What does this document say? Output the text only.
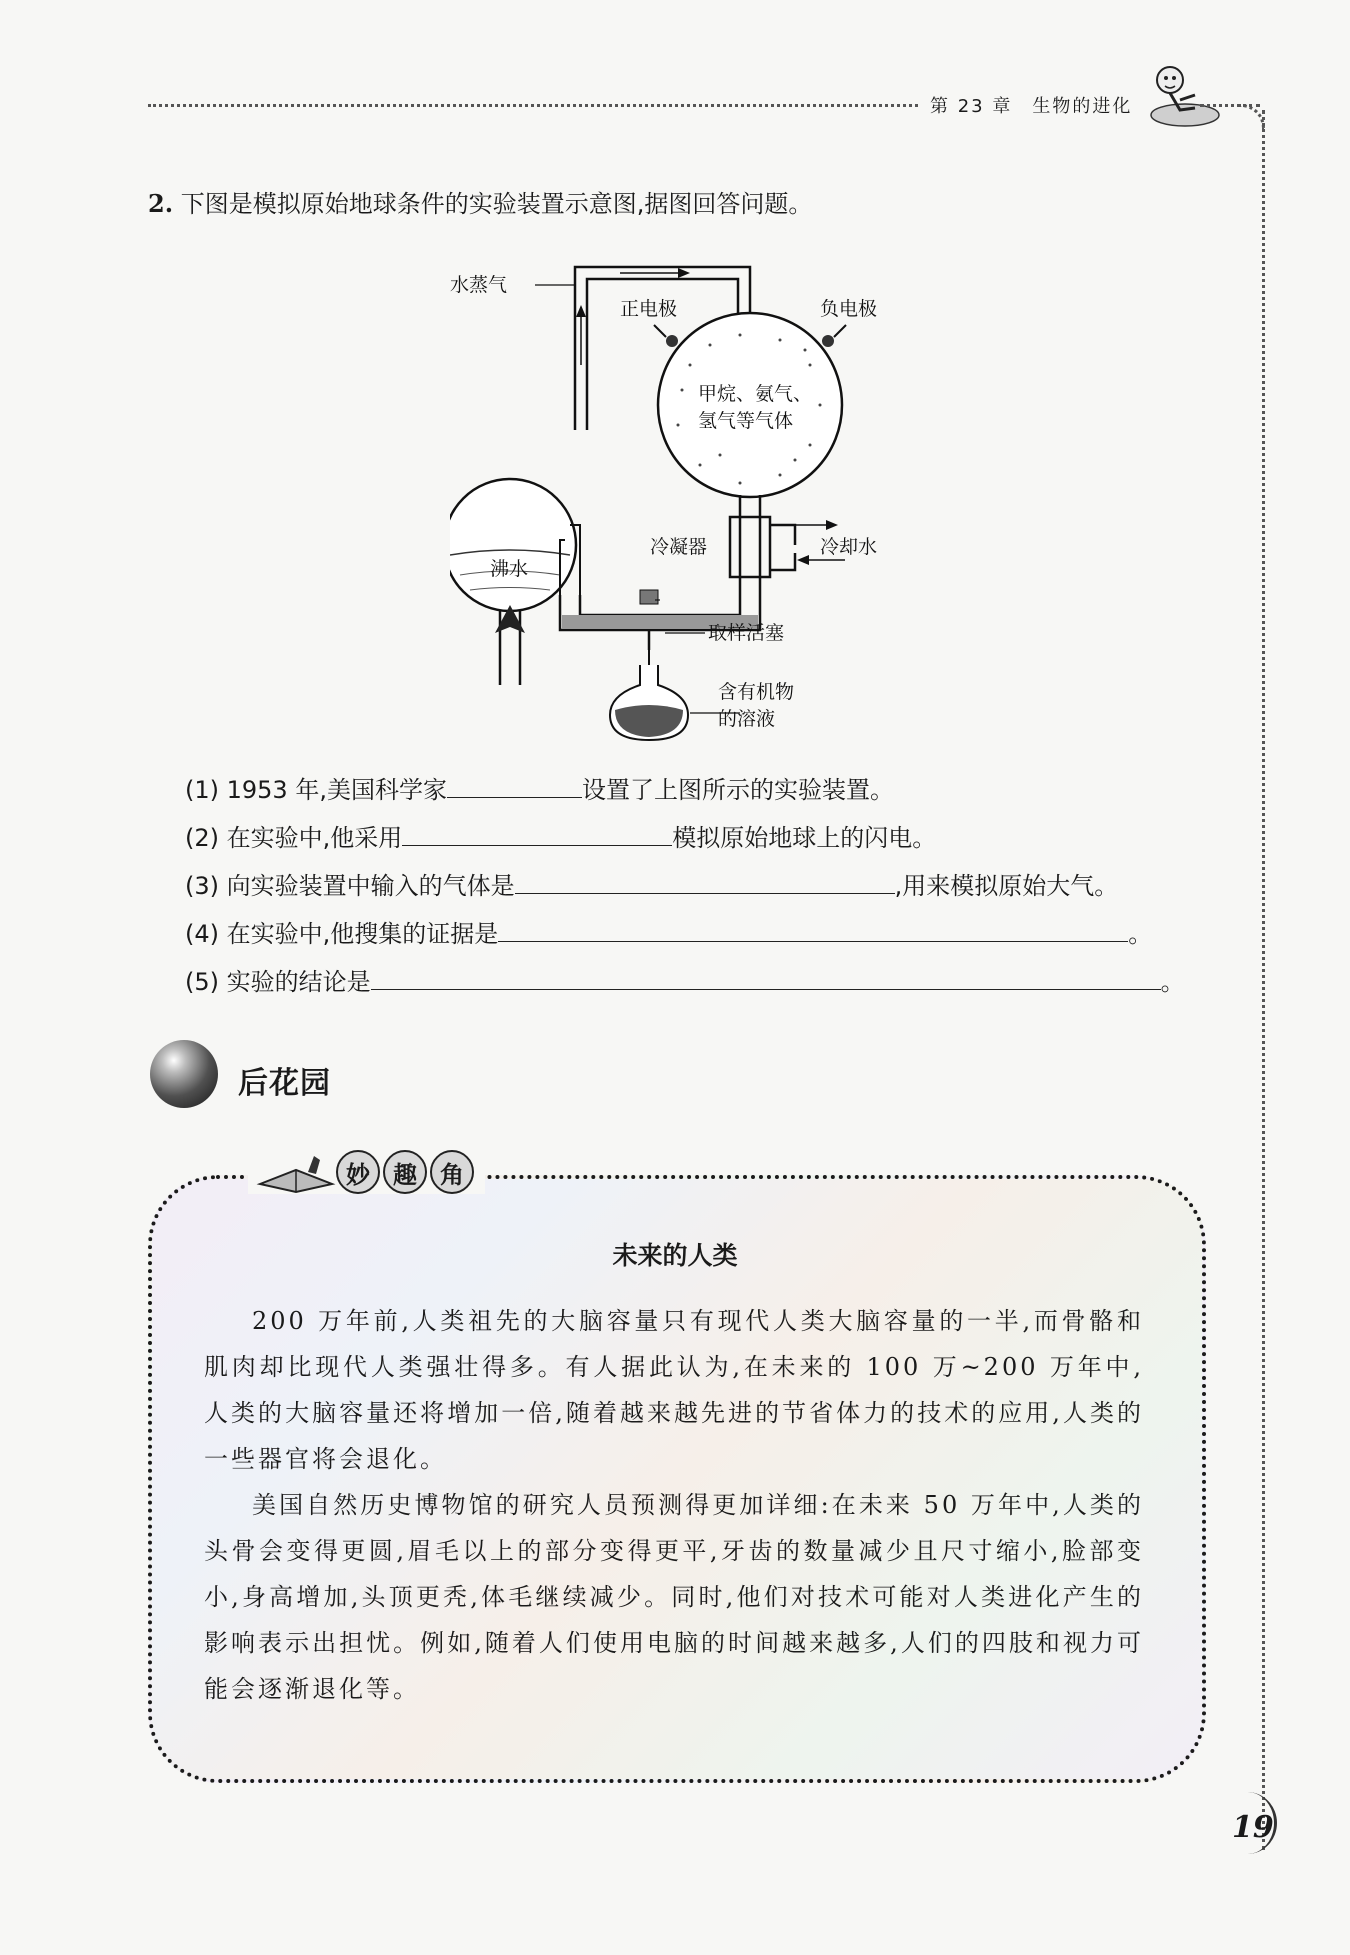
第 23 章　生物的进化
2. 下图是模拟原始地球条件的实验装置示意图,据图回答问题。
水蒸气
正电极	负电极
甲烷、氨气、
氢气等气体
冷凝器	冷却水
沸水
取样活塞
含有机物
的溶液
(1) 1953 年,美国科学家	设置了上图所示的实验装置。
(2) 在实验中,他采用	模拟原始地球上的闪电。
(3) 向实验装置中输入的气体是	,用来模拟原始大气。
(4) 在实验中,他搜集的证据是	。
(5) 实验的结论是	。
后花园
妙 趣 角
未来的人类

200 万年前,人类祖先的大脑容量只有现代人类大脑容量的一半,而骨骼和肌肉却比现代人类强壮得多。有人据此认为,在未来的 100 万~200 万年中,人类的大脑容量还将增加一倍,随着越来越先进的节省体力的技术的应用,人类的一些器官将会退化。

美国自然历史博物馆的研究人员预测得更加详细:在未来 50 万年中,人类的头骨会变得更圆,眉毛以上的部分变得更平,牙齿的数量减少且尺寸缩小,脸部变小,身高增加,头顶更秃,体毛继续减少。同时,他们对技术可能对人类进化产生的影响表示出担忧。例如,随着人们使用电脑的时间越来越多,人们的四肢和视力可能会逐渐退化等。

19
